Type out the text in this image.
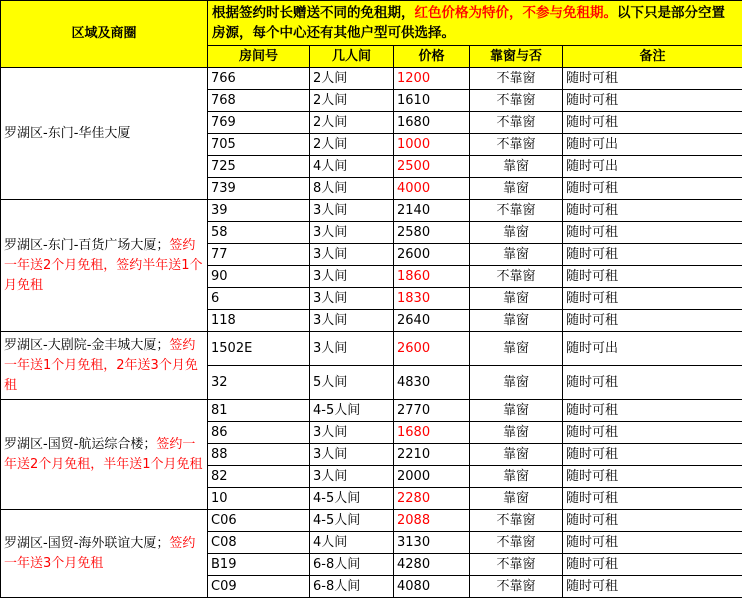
区域及商圈	根据签约时长赠送不同的免租期，红色价格为特价，不参与免租期。以下只是部分空置房源，每个中心还有其他户型可供选择。				
	房间号	几人间	价格	靠窗与否	备注
罗湖区-东门-华佳大厦	766	2人间	1200	不靠窗	随时可租
	768	2人间	1610	不靠窗	随时可租
	769	2人间	1680	不靠窗	随时可租
	705	2人间	1000	不靠窗	随时可出
	725	4人间	2500	靠窗	随时可出
	739	8人间	4000	靠窗	随时可租
罗湖区-东门-百货广场大厦；签约一年送2个月免租，签约半年送1个月免租	39	3人间	2140	不靠窗	随时可租
	58	3人间	2580	靠窗	随时可租
	77	3人间	2600	靠窗	随时可租
	90	3人间	1860	不靠窗	随时可租
	6	3人间	1830	靠窗	随时可租
	118	3人间	2640	靠窗	随时可租
罗湖区-大剧院-金丰城大厦；签约一年送1个月免租，2年送3个月免租	1502E	3人间	2600	靠窗	随时可出
	32	5人间	4830	靠窗	随时可租
罗湖区-国贸-航运综合楼；签约一年送2个月免租，半年送1个月免租	81	4-5人间	2770	靠窗	随时可租
	86	3人间	1680	靠窗	随时可租
	88	3人间	2210	靠窗	随时可租
	82	3人间	2000	靠窗	随时可租
	10	4-5人间	2280	靠窗	随时可租
罗湖区-国贸-海外联谊大厦；签约一年送3个月免租	C06	4-5人间	2088	不靠窗	随时可租
	C08	4人间	3130	不靠窗	随时可租
	B19	6-8人间	4280	不靠窗	随时可租
	C09	6-8人间	4080	不靠窗	随时可租
